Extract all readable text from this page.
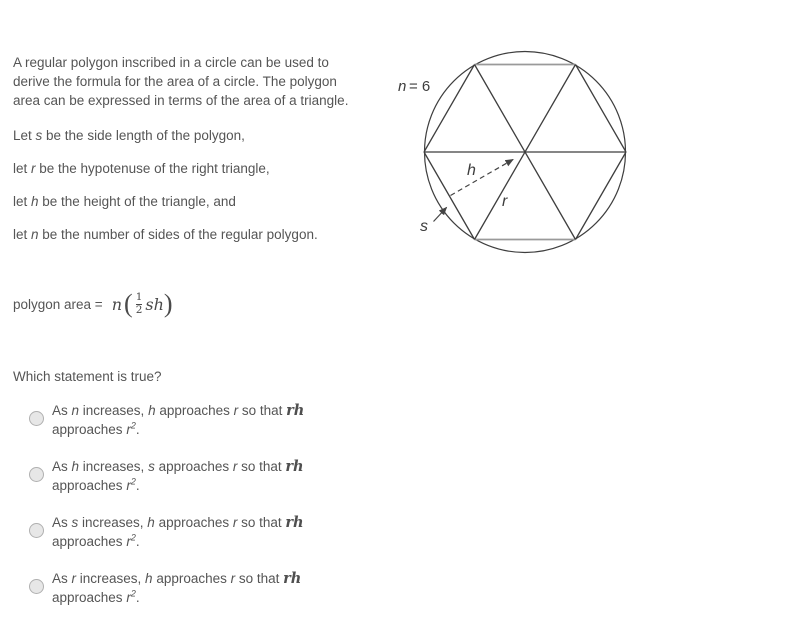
A regular polygon inscribed in a circle can be used to
derive the formula for the area of a circle. The polygon
area can be expressed in terms of the area of a triangle.

Let s be the side length of the polygon,

let r be the hypotenuse of the right triangle,

let h be the height of the triangle, and

let n be the number of sides of the regular polygon.

polygon area = n ( $\frac{1}{2}$ sh )

Which statement is true?

As n increases, h approaches r so that rh
approaches $r^2$.
As h increases, s approaches r so that rh
approaches $r^2$.
As s increases, h approaches r so that rh
approaches $r^2$.
As r increases, h approaches r so that rh
approaches $r^2$.
n = 6
h
r
s
